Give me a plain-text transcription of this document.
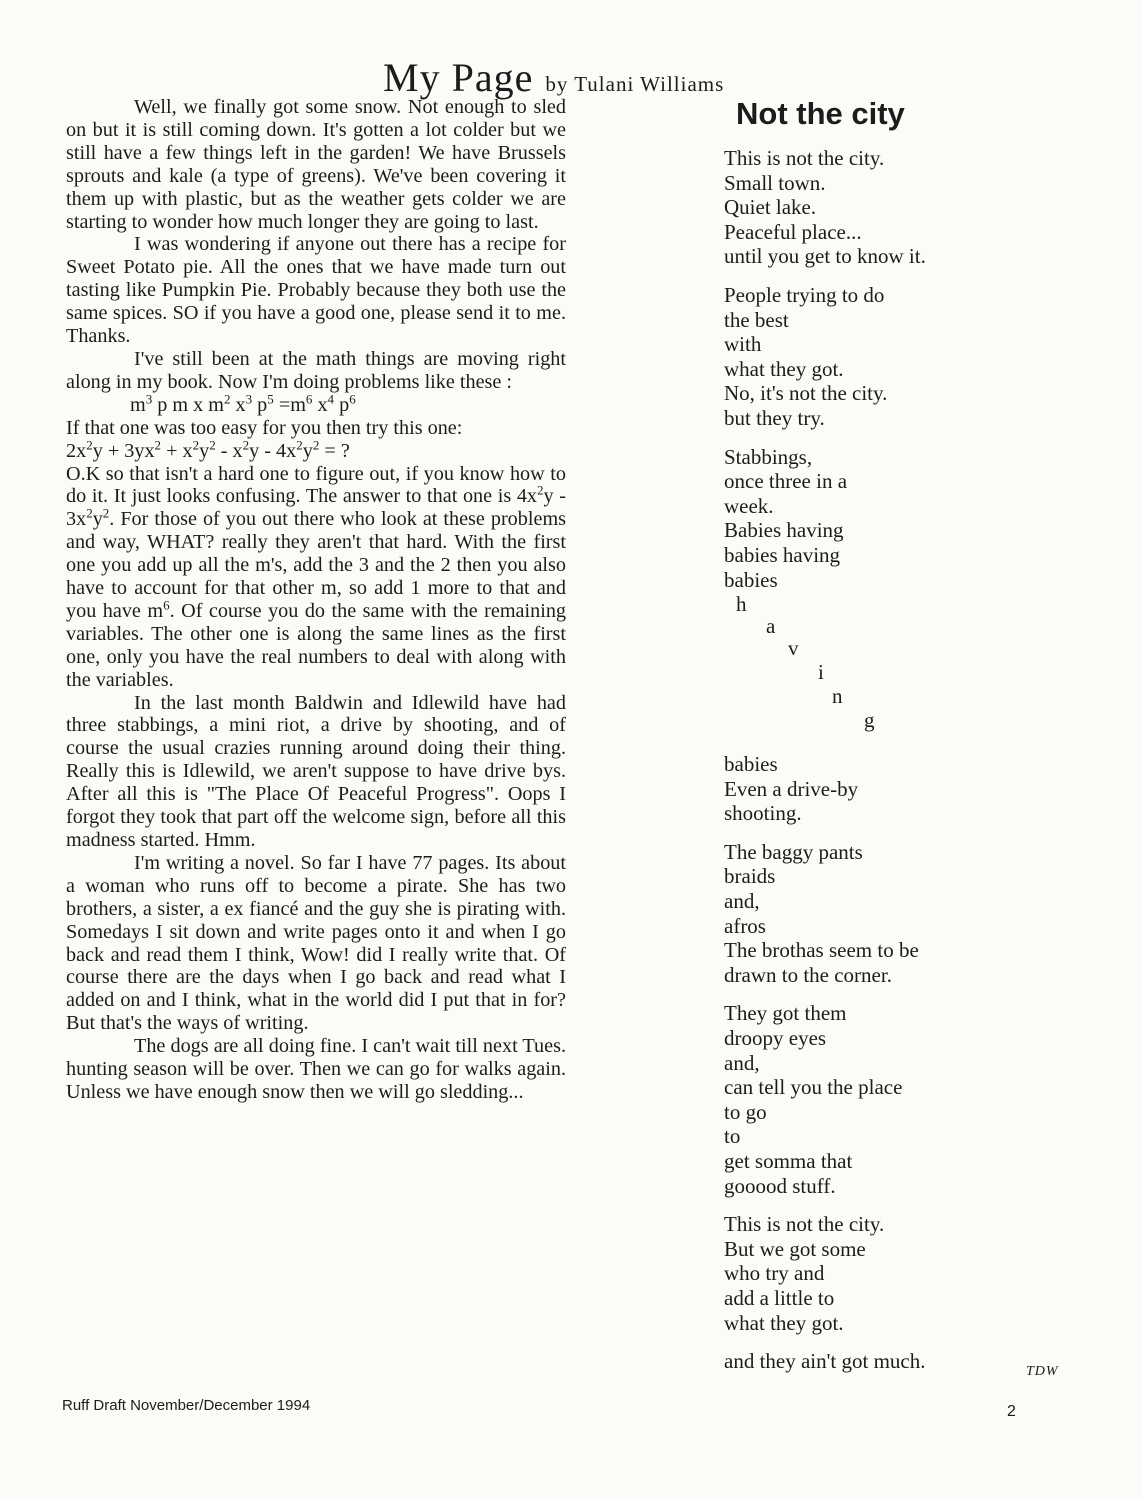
My Page by Tulani Williams

Well, we finally got some snow. Not enough to sled on but it is still coming down. It's gotten a lot colder but we still have a few things left in the garden! We have Brussels sprouts and kale (a type of greens). We've been covering it them up with plastic, but as the weather gets colder we are starting to wonder how much longer they are going to last.

I was wondering if anyone out there has a recipe for Sweet Potato pie. All the ones that we have made turn out tasting like Pumpkin Pie. Probably because they both use the same spices. SO if you have a good one, please send it to me. Thanks.

I've still been at the math things are moving right along in my book. Now I'm doing problems like these :

$m^3$ p m x $m^2$ $x^3$ $p^5 =m^6$ $x^4$ $p^6$

If that one was too easy for you then try this one:

$2x^2y + 3yx^2 + x^2y^2 - x^2y - 4x^2y^2$ = ?

O.K so that isn't a hard one to figure out, if you know how to do it. It just looks confusing. The answer to that one is $4x^2y - 3x^2y^2$. For those of you out there who look at these problems and way, WHAT? really they aren't that hard. With the first one you add up all the m's, add the 3 and the 2 then you also have to account for that other m, so add 1 more to that and you have $m^6$. Of course you do the same with the remaining variables. The other one is along the same lines as the first one, only you have the real numbers to deal with along with the variables.

In the last month Baldwin and Idlewild have had three stabbings, a mini riot, a drive by shooting, and of course the usual crazies running around doing their thing. Really this is Idlewild, we aren't suppose to have drive bys. After all this is "The Place Of Peaceful Progress". Oops I forgot they took that part off the welcome sign, before all this madness started. Hmm.

I'm writing a novel. So far I have 77 pages. Its about a woman who runs off to become a pirate. She has two brothers, a sister, a ex fiancé and the guy she is pirating with. Somedays I sit down and write pages onto it and when I go back and read them I think, Wow! did I really write that. Of course there are the days when I go back and read what I added on and I think, what in the world did I put that in for? But that's the ways of writing.

The dogs are all doing fine. I can't wait till next Tues. hunting season will be over. Then we can go for walks again. Unless we have enough snow then we will go sledding...

Not the city
This is not the city.
Small town.
Quiet lake.
Peaceful place...
until you get to know it.
People trying to do
the best
with
what they got.
No, it's not the city.
but they try.
Stabbings,
once three in a
week.
Babies having
babies having
babies
h
a
v
i
n
g
babies
Even a drive-by
shooting.
The baggy pants
braids
and,
afros
The brothas seem to be
drawn to the corner.
They got them
droopy eyes
and,
can tell you the place
to go
to
get somma that
gooood stuff.
This is not the city.
But we got some
who try and
add a little to
what they got.
and they ain't got much.	TDW
Ruff Draft November/December 1994	2
